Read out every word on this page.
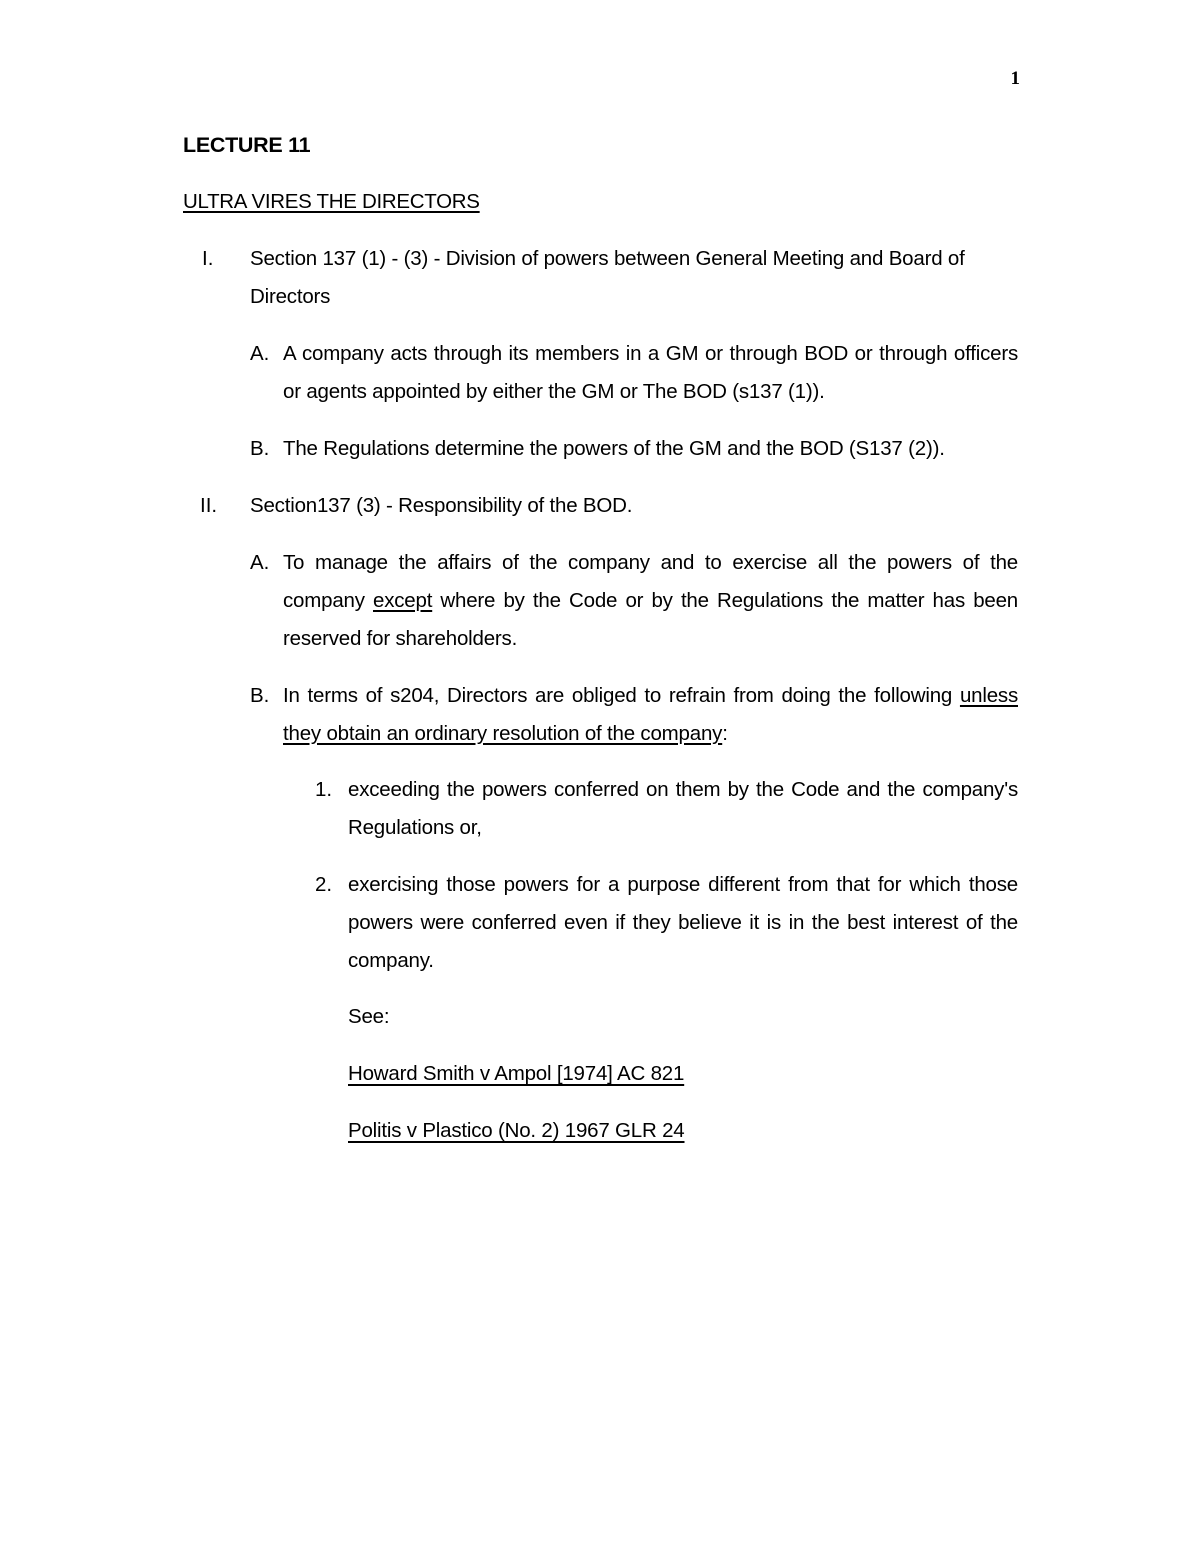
1
LECTURE 11
ULTRA VIRES THE DIRECTORS
I. Section 137 (1) - (3) - Division of powers between General Meeting and Board of Directors
A. A company acts through its members in a GM or through BOD or through officers or agents appointed by either the GM or The BOD (s137 (1)).
B. The Regulations determine the powers of the GM and the BOD (S137 (2)).
II. Section137 (3) - Responsibility of the BOD.
A. To manage the affairs of the company and to exercise all the powers of the company except where by the Code or by the Regulations the matter has been reserved for shareholders.
B. In terms of s204, Directors are obliged to refrain from doing the following unless they obtain an ordinary resolution of the company:
1. exceeding the powers conferred on them by the Code and the company's Regulations or,
2. exercising those powers for a purpose different from that for which those powers were conferred even if they believe it is in the best interest of the company.
See:
Howard Smith v Ampol [1974] AC 821
Politis v Plastico (No. 2) 1967 GLR 24
